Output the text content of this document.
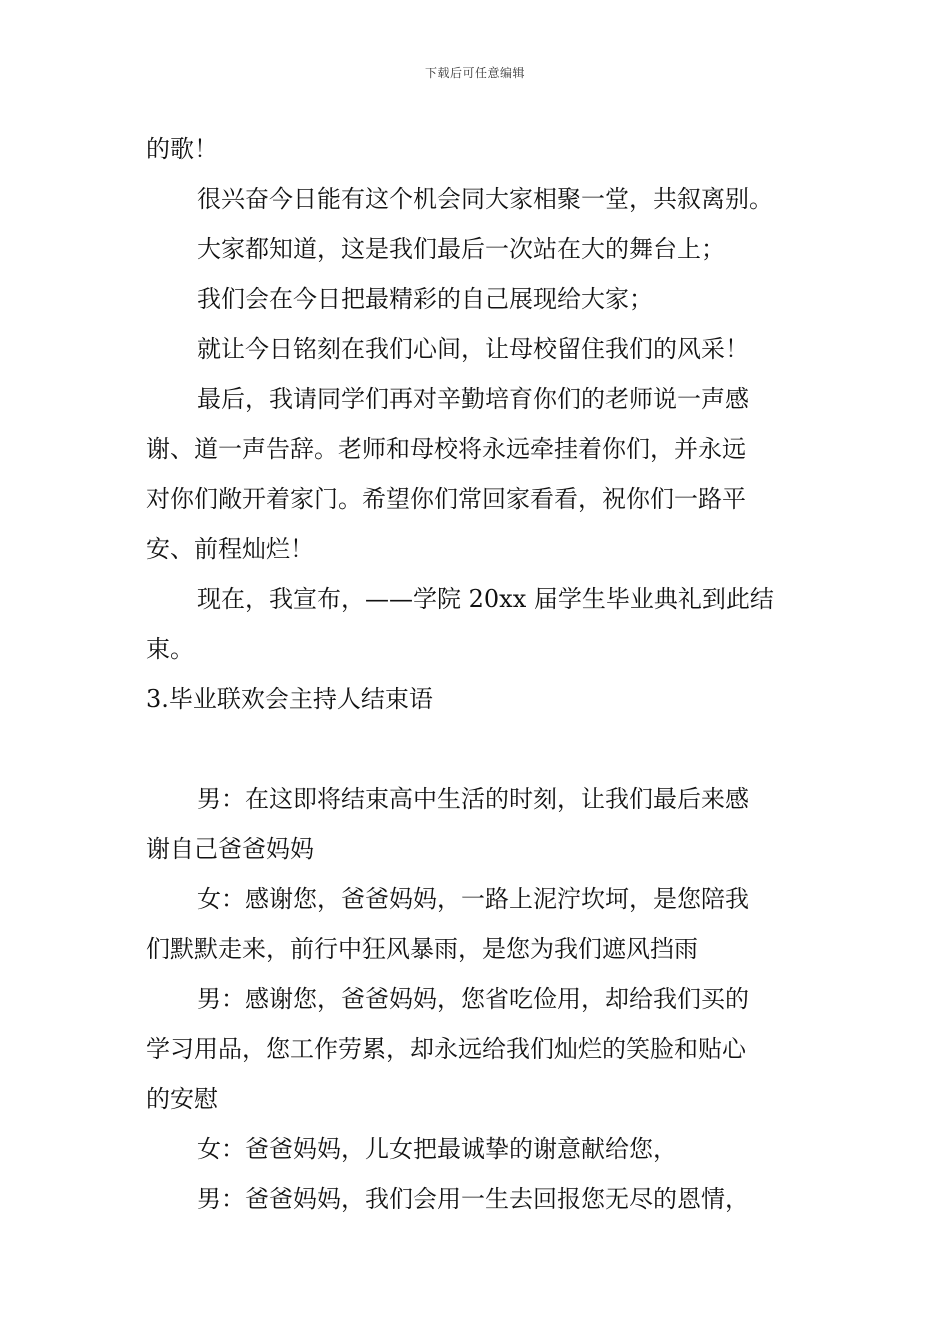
下载后可任意编辑
的歌！
很兴奋今日能有这个机会同大家相聚一堂，共叙离别。
大家都知道，这是我们最后一次站在大的舞台上；
我们会在今日把最精彩的自己展现给大家；
就让今日铭刻在我们心间，让母校留住我们的风采！
最后，我请同学们再对辛勤培育你们的老师说一声感
谢、道一声告辞。老师和母校将永远牵挂着你们，并永远
对你们敞开着家门。希望你们常回家看看，祝你们一路平
安、前程灿烂！
现在，我宣布，——学院 20xx 届学生毕业典礼到此结
束。
3.毕业联欢会主持人结束语
男：在这即将结束高中生活的时刻，让我们最后来感
谢自己爸爸妈妈
女：感谢您，爸爸妈妈，一路上泥泞坎坷，是您陪我
们默默走来，前行中狂风暴雨，是您为我们遮风挡雨
男：感谢您，爸爸妈妈，您省吃俭用，却给我们买的
学习用品，您工作劳累，却永远给我们灿烂的笑脸和贴心
的安慰
女：爸爸妈妈，儿女把最诚挚的谢意献给您，
男：爸爸妈妈，我们会用一生去回报您无尽的恩情，
